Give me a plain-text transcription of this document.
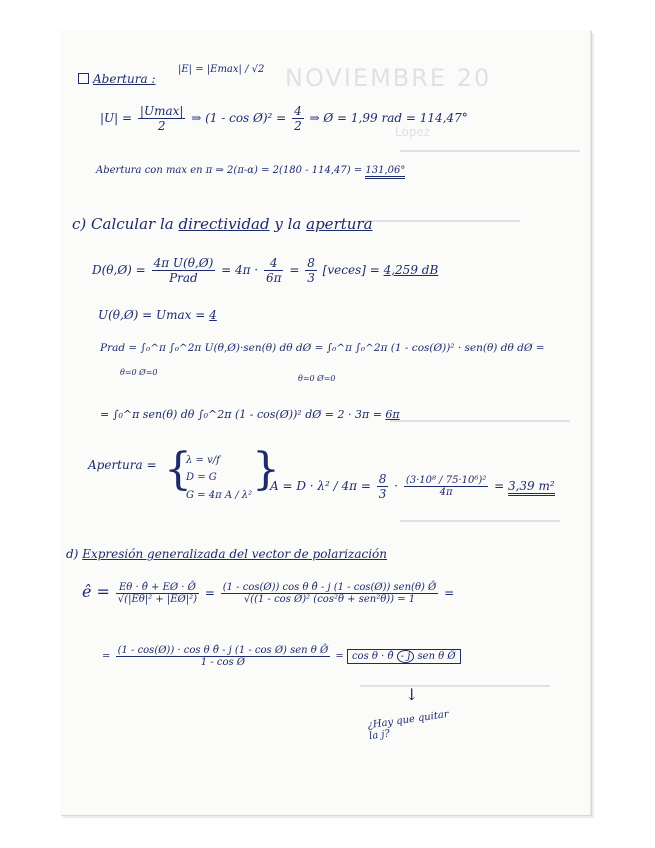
NOVIEMBRE 20
Lopez
Abertura :
|E| = |Emax| / √2
$|U| = \frac{|Umax|}{2}$ ⇒ (1 - cos Ø)² = $\frac{4}{2}$ ⇒ Ø = 1,99 rad = 114,47°
Abertura con max en π ⇒ 2(π-α) = 2(180 - 114,47) = 131,06°
c) Calcular la directividad y la apertura
D(θ,Ø) = $\frac{\text{4π U(θ,Ø)}}{\text{Prad}} = 4\pi \cdot \frac{4}{6\pi} = \frac{8}{3}$ [veces] = 4,259 dB
U(θ,Ø) = Umax = 4
Prad = ∫₀^π ∫₀^2π U(θ,Ø)·sen(θ) dθ dØ = ∫₀^π ∫₀^2π (1 - cos(Ø))² · sen(θ) dθ dØ =
θ=0 Ø=0
θ=0 Ø=0
= ∫₀^π sen(θ) dθ ∫₀^2π (1 - cos(Ø))² dØ = 2 · 3π = 6π
Apertura = {
λ = v/f
D = G
G = 4π A / λ²
}
$A = D \cdot \lambda^2 / 4\pi = \frac{8}{3} \cdot \frac{\text{(3·10⁸ / 75·10⁶)²}}{4\pi} = 3,39$ m²
d) Expresión generalizada del vector de polarización
ê = $\frac{E\theta \cdot \thetâ + EØ \cdot Ø̂}{\text{√(|Eθ|² + |EØ|²)}} = \frac{\text{(1 - cos(Ø)) cos θ θ̂ - j (1 - cos(Ø)) sen(θ) Ø̂}}{\text{√((1 - cos Ø)² (cos²θ + sen²θ)) = 1}}$ =
= $\frac{\text{(1 - cos(Ø)) · cos θ θ̂ - j (1 - cos Ø) sen θ Ø̂}}{\text{1 - cos Ø}} = \cos \theta$ · θ̂ - j sen θ Ø̂
↓
¿Hay que quitar la j?
